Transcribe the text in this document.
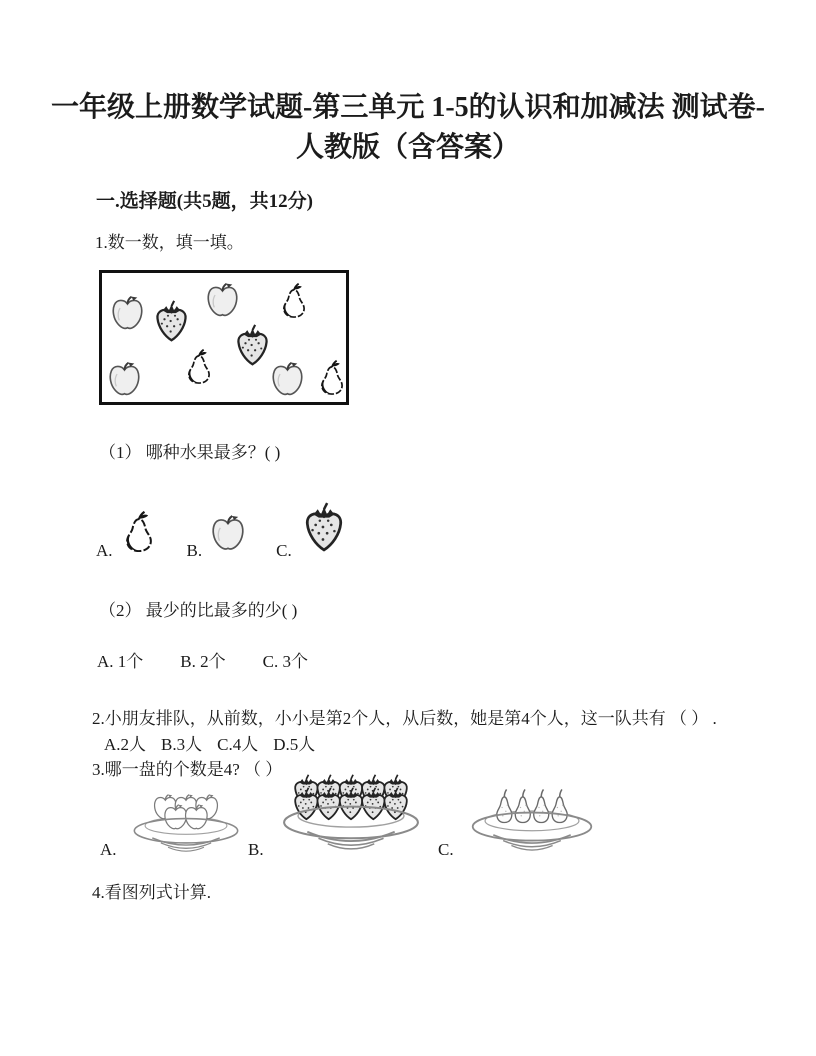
一年级上册数学试题-第三单元 1-5的认识和加减法 测试卷-
人教版（含答案）
一.选择题(共5题，共12分)
1.数一数，填一填。
（1） 哪种水果最多？( )
A.	B.	C.
（2） 最少的比最多的少( )
A. 1个 B. 2个 C. 3个
2.小朋友排队，从前数，小小是第2个人，从后数，她是第4个人，这一队共有 （ ） .
A.2人 B.3人 C.4人 D.5人
3.哪一盘的个数是4? （ ）
A.	B.	C.
4.看图列式计算.
